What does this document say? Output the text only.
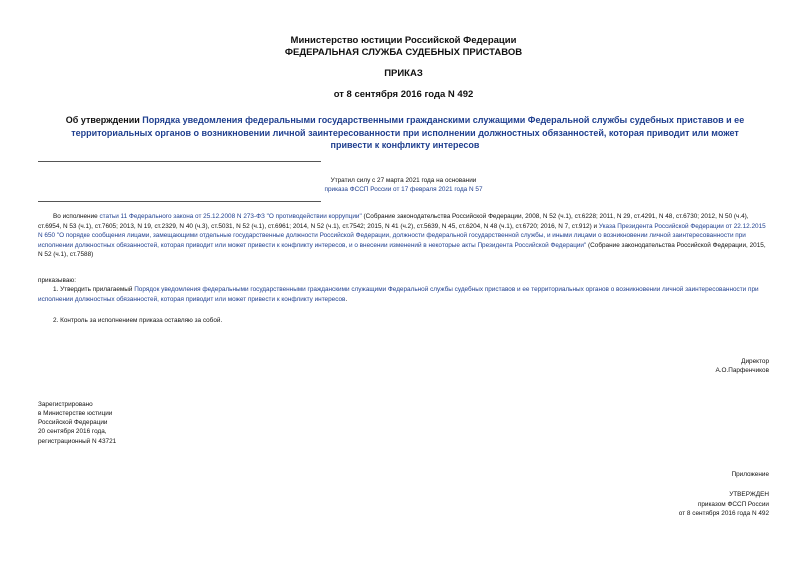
Министерство юстиции Российской Федерации
ФЕДЕРАЛЬНАЯ СЛУЖБА СУДЕБНЫХ ПРИСТАВОВ
ПРИКАЗ
от 8 сентября 2016 года N 492
Об утверждении Порядка уведомления федеральными государственными гражданскими служащими Федеральной службы судебных приставов и ее территориальных органов о возникновении личной заинтересованности при исполнении должностных обязанностей, которая приводит или может привести к конфликту интересов
Утратил силу с 27 марта 2021 года на основании
приказа ФССП России от 17 февраля 2021 года N 57
Во исполнение статьи 11 Федерального закона от 25.12.2008 N 273-ФЗ "О противодействии коррупции" (Собрание законодательства Российской Федерации, 2008, N 52 (ч.1), ст.6228; 2011, N 29, ст.4291, N 48, ст.6730; 2012, N 50 (ч.4), ст.6954, N 53 (ч.1), ст.7605; 2013, N 19, ст.2329, N 40 (ч.3), ст.5031, N 52 (ч.1), ст.6961; 2014, N 52 (ч.1), ст.7542; 2015, N 41 (ч.2), ст.5639, N 45, ст.6204, N 48 (ч.1), ст.6720; 2016, N 7, ст.912) и Указа Президента Российской Федерации от 22.12.2015 N 650 "О порядке сообщения лицами, замещающими отдельные государственные должности Российской Федерации, должности федеральной государственной службы, и иными лицами о возникновении личной заинтересованности при исполнении должностных обязанностей, которая приводит или может привести к конфликту интересов, и о внесении изменений в некоторые акты Президента Российской Федерации" (Собрание законодательства Российской Федерации, 2015, N 52 (ч.1), ст.7588)
приказываю:
1. Утвердить прилагаемый Порядок уведомления федеральными государственными гражданскими служащими Федеральной службы судебных приставов и ее территориальных органов о возникновении личной заинтересованности при исполнении должностных обязанностей, которая приводит или может привести к конфликту интересов.
2. Контроль за исполнением приказа оставляю за собой.
Директор
А.О.Парфенчиков
Зарегистрировано
в Министерстве юстиции
Российской Федерации
20 сентября 2016 года,
регистрационный N 43721
Приложение
УТВЕРЖДЕН
приказом ФССП России
от 8 сентября 2016 года N 492
